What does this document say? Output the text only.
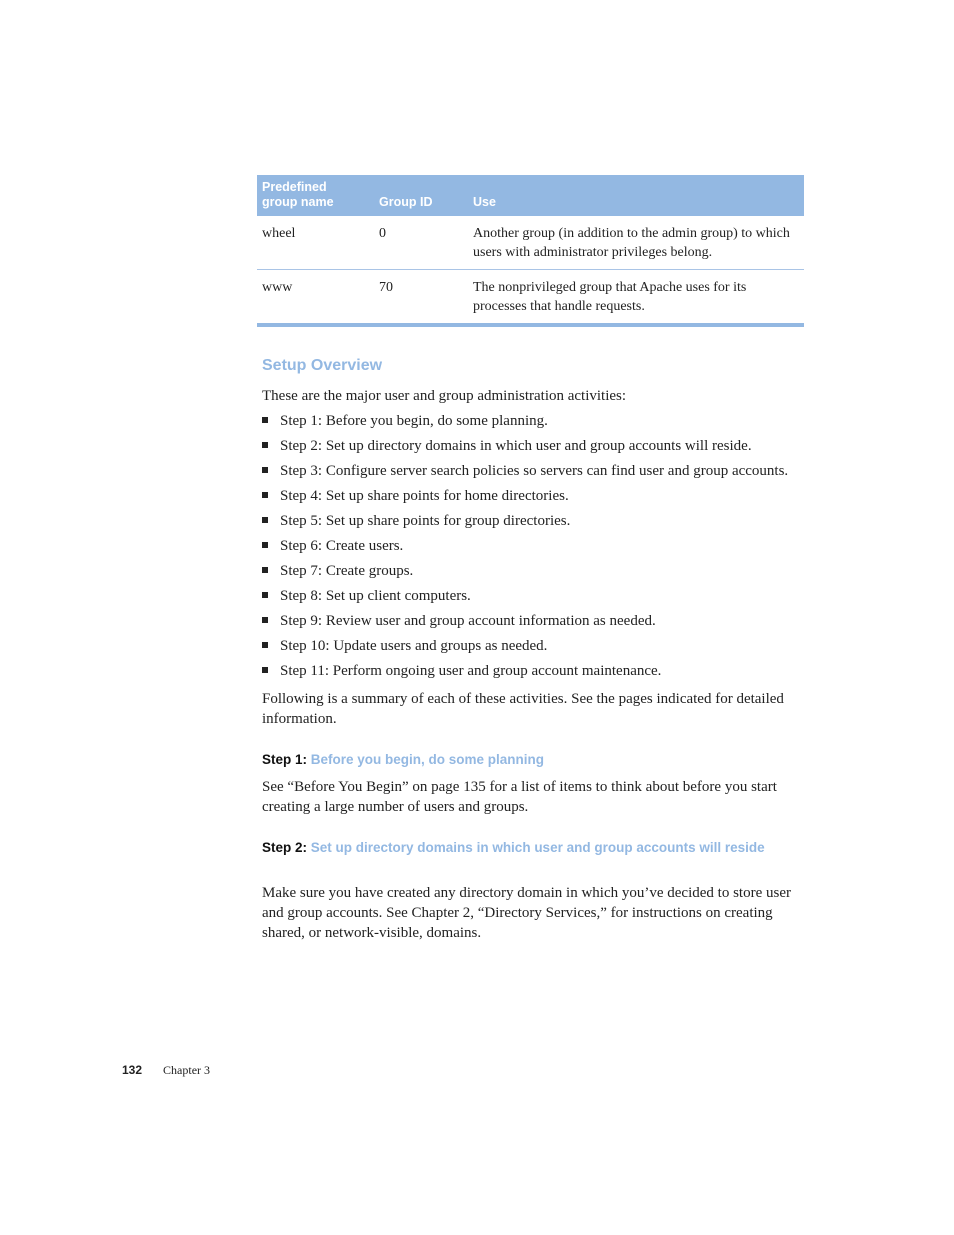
Predefined
group name	Group ID	Use
wheel	0	Another group (in addition to the admin group) to which users with administrator privileges belong.
www	70	The nonprivileged group that Apache uses for its processes that handle requests.
Setup Overview

These are the major user and group administration activities:

Step 1: Before you begin, do some planning.
Step 2: Set up directory domains in which user and group accounts will reside.
Step 3: Configure server search policies so servers can find user and group accounts.
Step 4: Set up share points for home directories.
Step 5: Set up share points for group directories.
Step 6: Create users.
Step 7: Create groups.
Step 8: Set up client computers.
Step 9: Review user and group account information as needed.
Step 10: Update users and groups as needed.
Step 11: Perform ongoing user and group account maintenance.

Following is a summary of each of these activities. See the pages indicated for detailed information.

Step 1: Before you begin, do some planning

See “Before You Begin” on page 135 for a list of items to think about before you start creating a large number of users and groups.

Step 2: Set up directory domains in which user and group accounts will reside

Make sure you have created any directory domain in which you’ve decided to store user and group accounts. See Chapter 2, “Directory Services,” for instructions on creating shared, or network-visible, domains.

132 Chapter 3
